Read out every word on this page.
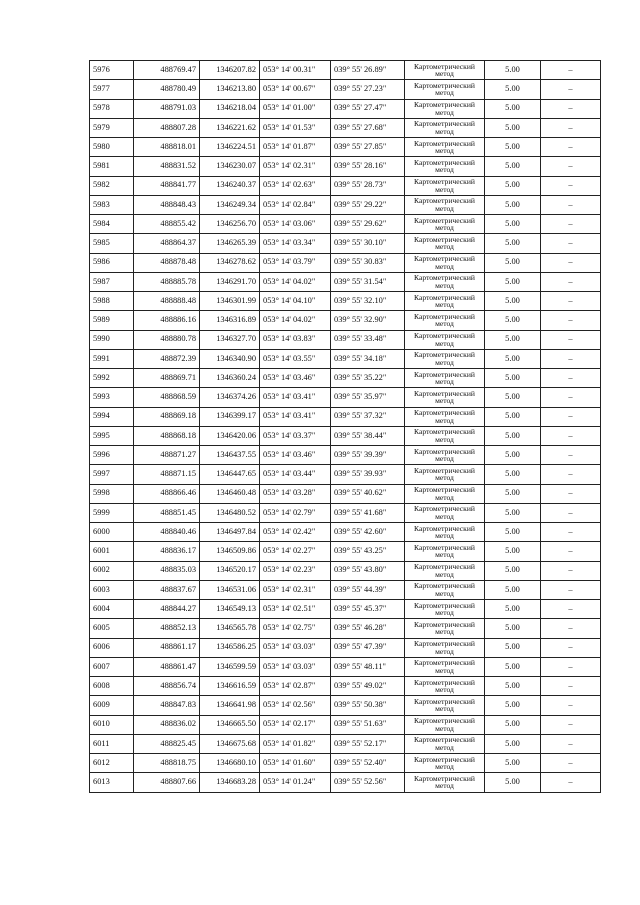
5976	488769.47	1346207.82	053° 14' 00.31"	039° 55' 26.89"	Картометрический метод	5.00	–
5977	488780.49	1346213.80	053° 14' 00.67"	039° 55' 27.23"	Картометрический метод	5.00	–
5978	488791.03	1346218.04	053° 14' 01.00"	039° 55' 27.47"	Картометрический метод	5.00	–
5979	488807.28	1346221.62	053° 14' 01.53"	039° 55' 27.68"	Картометрический метод	5.00	–
5980	488818.01	1346224.51	053° 14' 01.87"	039° 55' 27.85"	Картометрический метод	5.00	–
5981	488831.52	1346230.07	053° 14' 02.31"	039° 55' 28.16"	Картометрический метод	5.00	–
5982	488841.77	1346240.37	053° 14' 02.63"	039° 55' 28.73"	Картометрический метод	5.00	–
5983	488848.43	1346249.34	053° 14' 02.84"	039° 55' 29.22"	Картометрический метод	5.00	–
5984	488855.42	1346256.70	053° 14' 03.06"	039° 55' 29.62"	Картометрический метод	5.00	–
5985	488864.37	1346265.39	053° 14' 03.34"	039° 55' 30.10"	Картометрический метод	5.00	–
5986	488878.48	1346278.62	053° 14' 03.79"	039° 55' 30.83"	Картометрический метод	5.00	–
5987	488885.78	1346291.70	053° 14' 04.02"	039° 55' 31.54"	Картометрический метод	5.00	–
5988	488888.48	1346301.99	053° 14' 04.10"	039° 55' 32.10"	Картометрический метод	5.00	–
5989	488886.16	1346316.89	053° 14' 04.02"	039° 55' 32.90"	Картометрический метод	5.00	–
5990	488880.78	1346327.70	053° 14' 03.83"	039° 55' 33.48"	Картометрический метод	5.00	–
5991	488872.39	1346340.90	053° 14' 03.55"	039° 55' 34.18"	Картометрический метод	5.00	–
5992	488869.71	1346360.24	053° 14' 03.46"	039° 55' 35.22"	Картометрический метод	5.00	–
5993	488868.59	1346374.26	053° 14' 03.41"	039° 55' 35.97"	Картометрический метод	5.00	–
5994	488869.18	1346399.17	053° 14' 03.41"	039° 55' 37.32"	Картометрический метод	5.00	–
5995	488868.18	1346420.06	053° 14' 03.37"	039° 55' 38.44"	Картометрический метод	5.00	–
5996	488871.27	1346437.55	053° 14' 03.46"	039° 55' 39.39"	Картометрический метод	5.00	–
5997	488871.15	1346447.65	053° 14' 03.44"	039° 55' 39.93"	Картометрический метод	5.00	–
5998	488866.46	1346460.48	053° 14' 03.28"	039° 55' 40.62"	Картометрический метод	5.00	–
5999	488851.45	1346480.52	053° 14' 02.79"	039° 55' 41.68"	Картометрический метод	5.00	–
6000	488840.46	1346497.84	053° 14' 02.42"	039° 55' 42.60"	Картометрический метод	5.00	–
6001	488836.17	1346509.86	053° 14' 02.27"	039° 55' 43.25"	Картометрический метод	5.00	–
6002	488835.03	1346520.17	053° 14' 02.23"	039° 55' 43.80"	Картометрический метод	5.00	–
6003	488837.67	1346531.06	053° 14' 02.31"	039° 55' 44.39"	Картометрический метод	5.00	–
6004	488844.27	1346549.13	053° 14' 02.51"	039° 55' 45.37"	Картометрический метод	5.00	–
6005	488852.13	1346565.78	053° 14' 02.75"	039° 55' 46.28"	Картометрический метод	5.00	–
6006	488861.17	1346586.25	053° 14' 03.03"	039° 55' 47.39"	Картометрический метод	5.00	–
6007	488861.47	1346599.59	053° 14' 03.03"	039° 55' 48.11"	Картометрический метод	5.00	–
6008	488856.74	1346616.59	053° 14' 02.87"	039° 55' 49.02"	Картометрический метод	5.00	–
6009	488847.83	1346641.98	053° 14' 02.56"	039° 55' 50.38"	Картометрический метод	5.00	–
6010	488836.02	1346665.50	053° 14' 02.17"	039° 55' 51.63"	Картометрический метод	5.00	–
6011	488825.45	1346675.68	053° 14' 01.82"	039° 55' 52.17"	Картометрический метод	5.00	–
6012	488818.75	1346680.10	053° 14' 01.60"	039° 55' 52.40"	Картометрический метод	5.00	–
6013	488807.66	1346683.28	053° 14' 01.24"	039° 55' 52.56"	Картометрический метод	5.00	–
